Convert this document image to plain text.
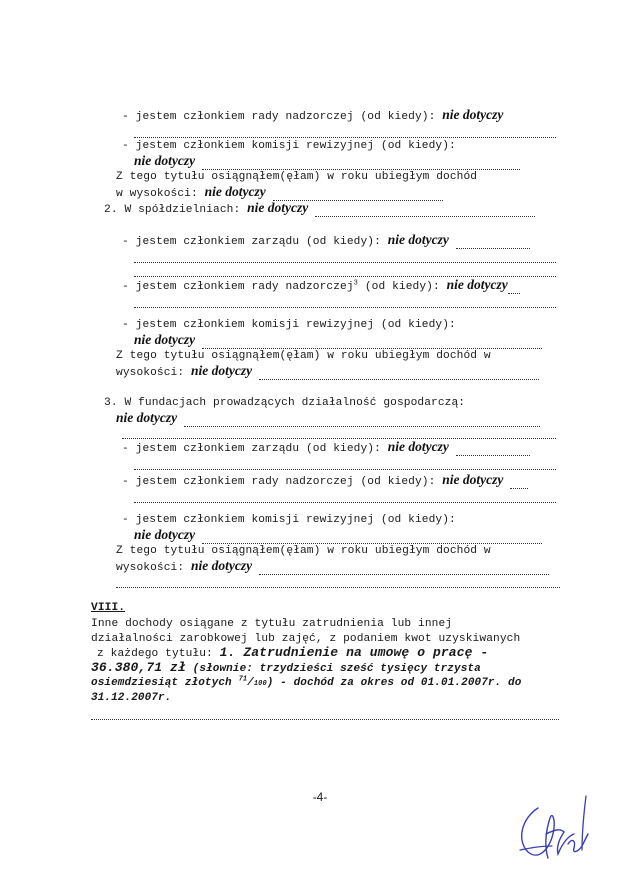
- jestem członkiem rady nadzorczej (od kiedy): nie dotyczy
- jestem członkiem komisji rewizyjnej (od kiedy):
nie dotyczy
Z tego tytułu osiągnąłem(ęłam) w roku ubiegłym dochód
w wysokości: nie dotyczy
2. W spółdzielniach: nie dotyczy
- jestem członkiem zarządu (od kiedy): nie dotyczy
- jestem członkiem rady nadzorczej$^3$ (od kiedy): nie dotyczy
- jestem członkiem komisji rewizyjnej (od kiedy):
nie dotyczy
Z tego tytułu osiągnąłem(ęłam) w roku ubiegłym dochód w
wysokości: nie dotyczy
3. W fundacjach prowadzących działalność gospodarczą:
nie dotyczy
- jestem członkiem zarządu (od kiedy): nie dotyczy
- jestem członkiem rady nadzorczej (od kiedy): nie dotyczy
- jestem członkiem komisji rewizyjnej (od kiedy):
nie dotyczy
Z tego tytułu osiągnąłem(ęłam) w roku ubiegłym dochód w
wysokości: nie dotyczy
VIII.
Inne dochody osiągane z tytułu zatrudnienia lub innej
działalności zarobkowej lub zajęć, z podaniem kwot uzyskiwanych
z każdego tytułu: 1. Zatrudnienie na umowę o pracę -
36.380,71 zł (słownie: trzydzieści sześć tysięcy trzysta
osiemdziesiąt złotych $^{71}$/100) - dochód za okres od 01.01.2007r. do
31.12.2007r.
-4-
